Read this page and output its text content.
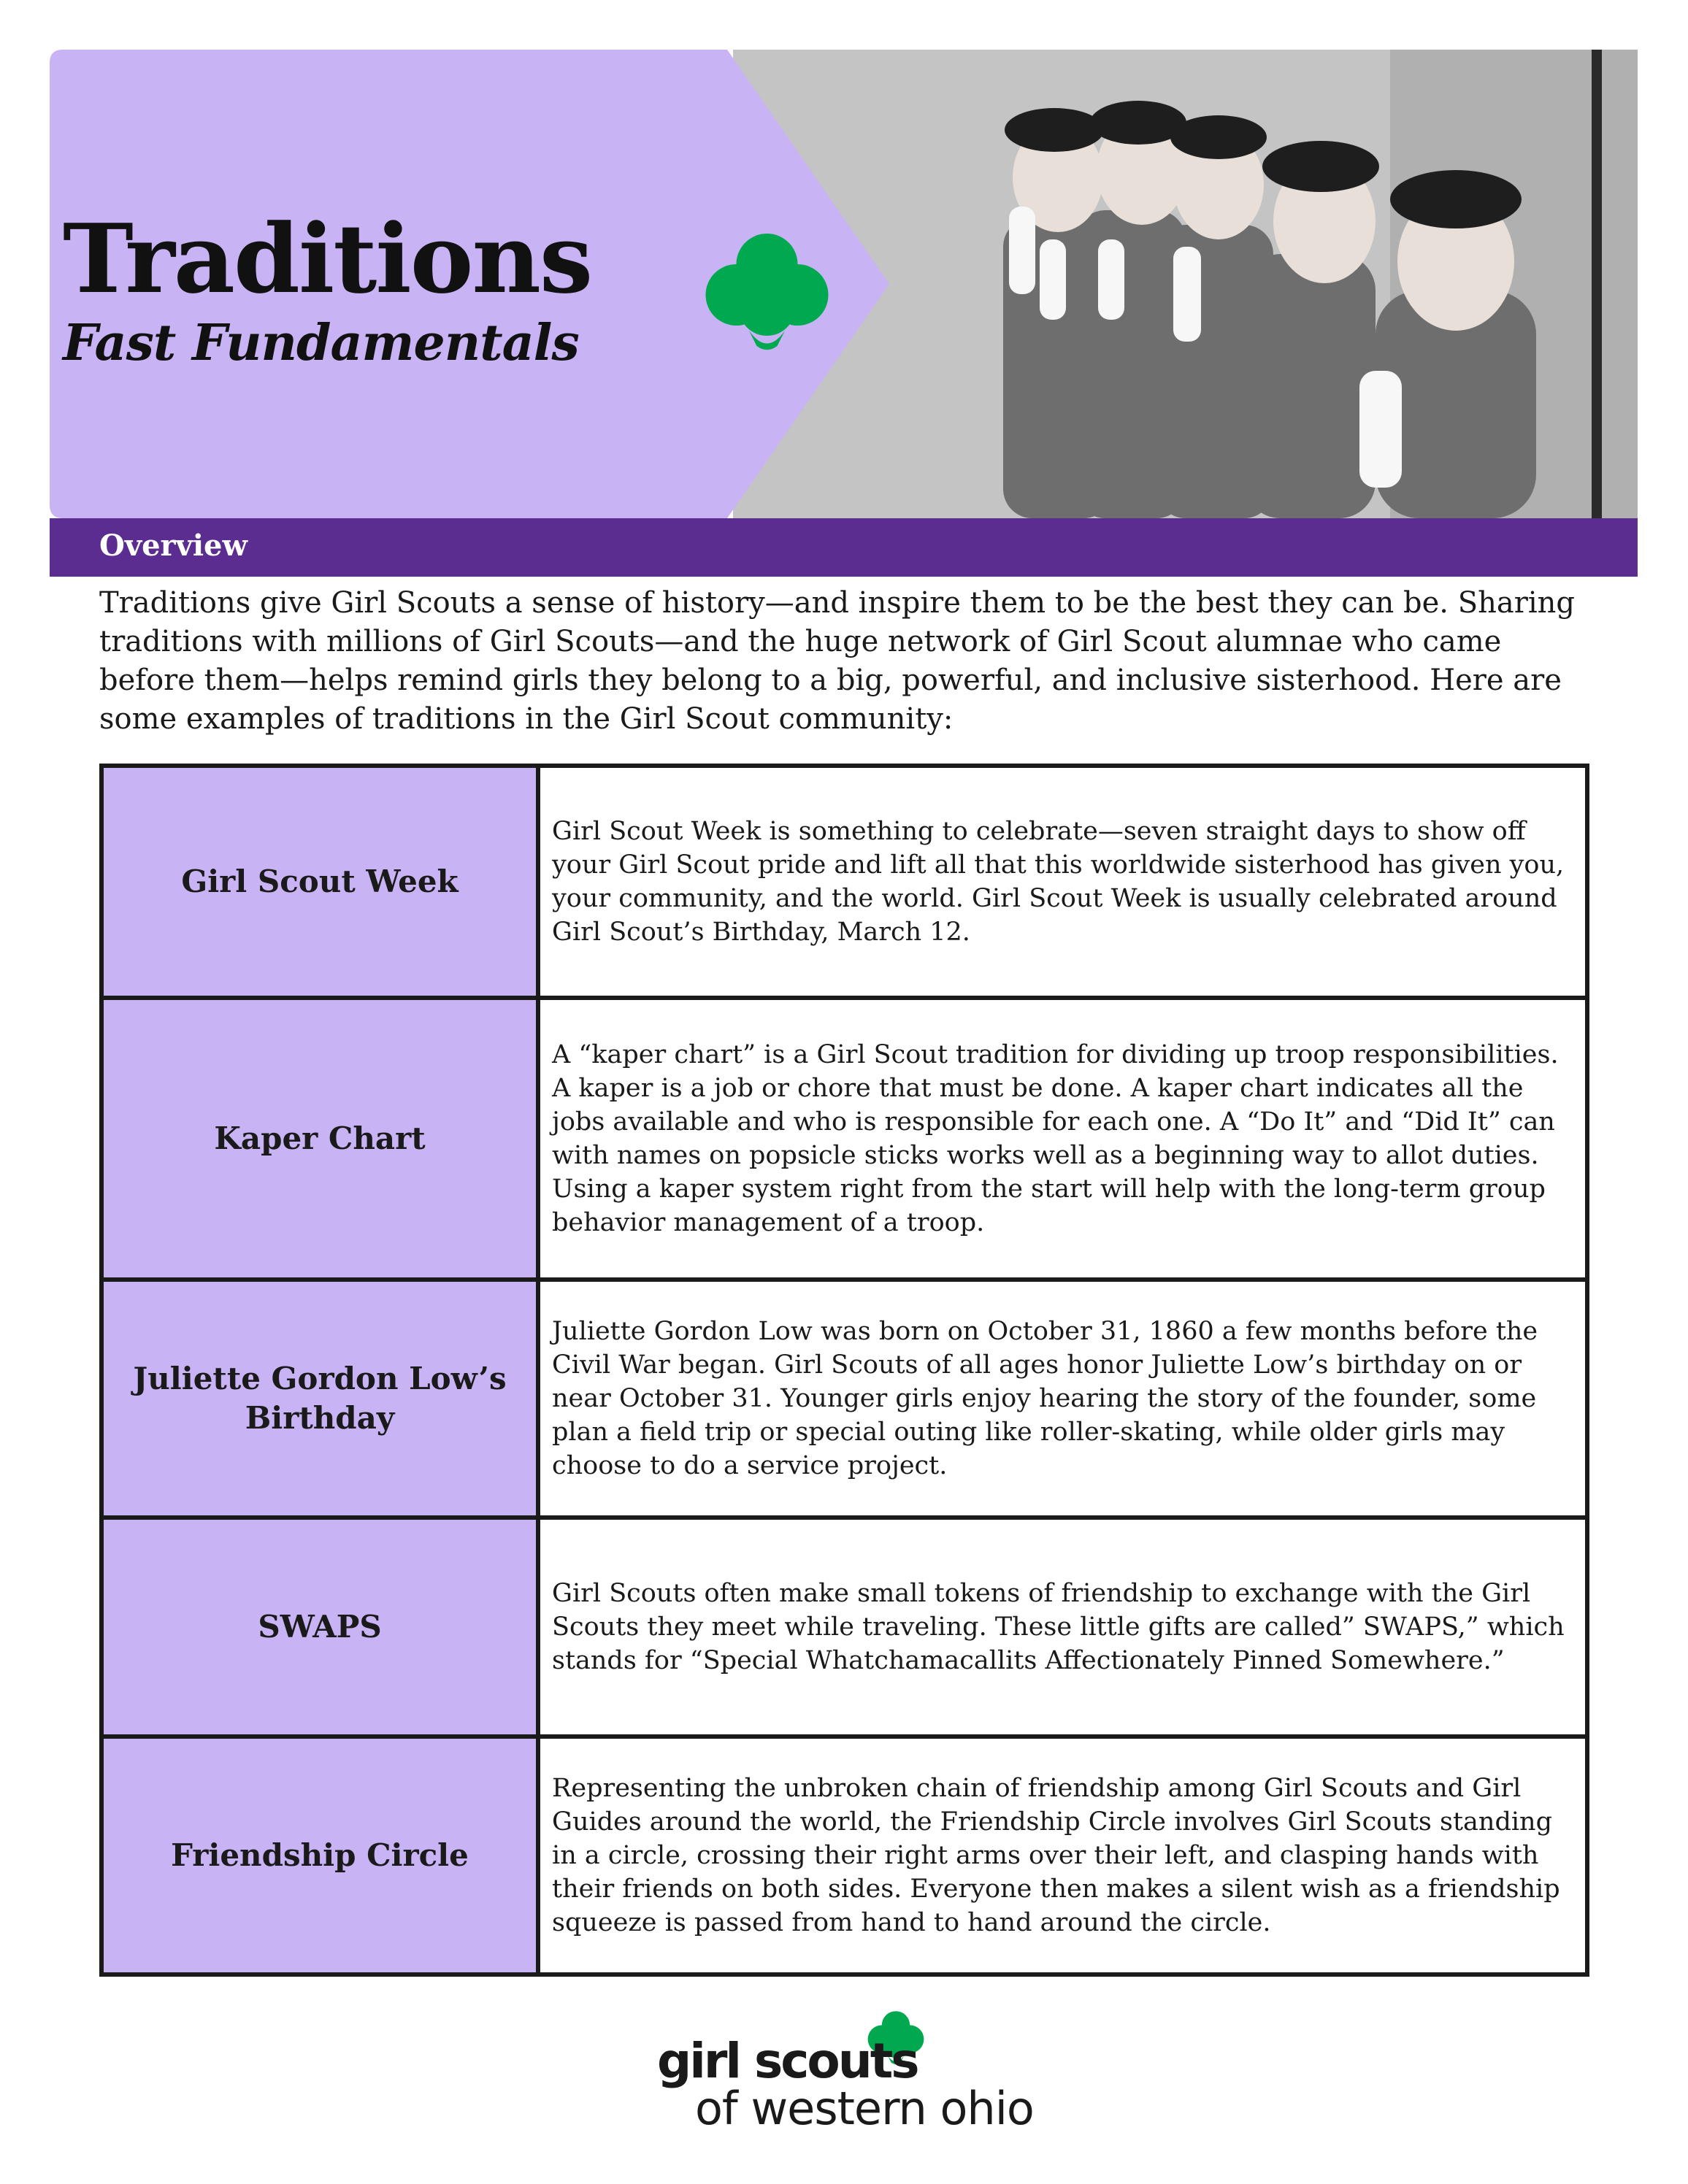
Traditions
Fast Fundamentals
Overview

Traditions give Girl Scouts a sense of history—and inspire them to be the best they can be. Sharing traditions with millions of Girl Scouts—and the huge network of Girl Scout alumnae who came before them—helps remind girls they belong to a big, powerful, and inclusive sisterhood. Here are some examples of traditions in the Girl Scout community:

Girl Scout Week
Girl Scout Week is something to celebrate—seven straight days to show off your Girl Scout pride and lift all that this worldwide sisterhood has given you, your community, and the world. Girl Scout Week is usually celebrated around Girl Scout’s Birthday, March 12.
Kaper Chart
A “kaper chart” is a Girl Scout tradition for dividing up troop responsibilities. A kaper is a job or chore that must be done. A kaper chart indicates all the jobs available and who is responsible for each one. A “Do It” and “Did It” can with names on popsicle sticks works well as a beginning way to allot duties. Using a kaper system right from the start will help with the long-term group behavior management of a troop.
Juliette Gordon Low’s Birthday
Juliette Gordon Low was born on October 31, 1860 a few months before the Civil War began. Girl Scouts of all ages honor Juliette Low’s birthday on or near October 31. Younger girls enjoy hearing the story of the founder, some plan a field trip or special outing like roller-skating, while older girls may choose to do a service project.
SWAPS
Girl Scouts often make small tokens of friendship to exchange with the Girl Scouts they meet while traveling. These little gifts are called” SWAPS,” which stands for “Special Whatchamacallits Affectionately Pinned Somewhere.”
Friendship Circle
Representing the unbroken chain of friendship among Girl Scouts and Girl Guides around the world, the Friendship Circle involves Girl Scouts standing in a circle, crossing their right arms over their left, and clasping hands with their friends on both sides. Everyone then makes a silent wish as a friendship squeeze is passed from hand to hand around the circle.
girl scouts
of western ohio
